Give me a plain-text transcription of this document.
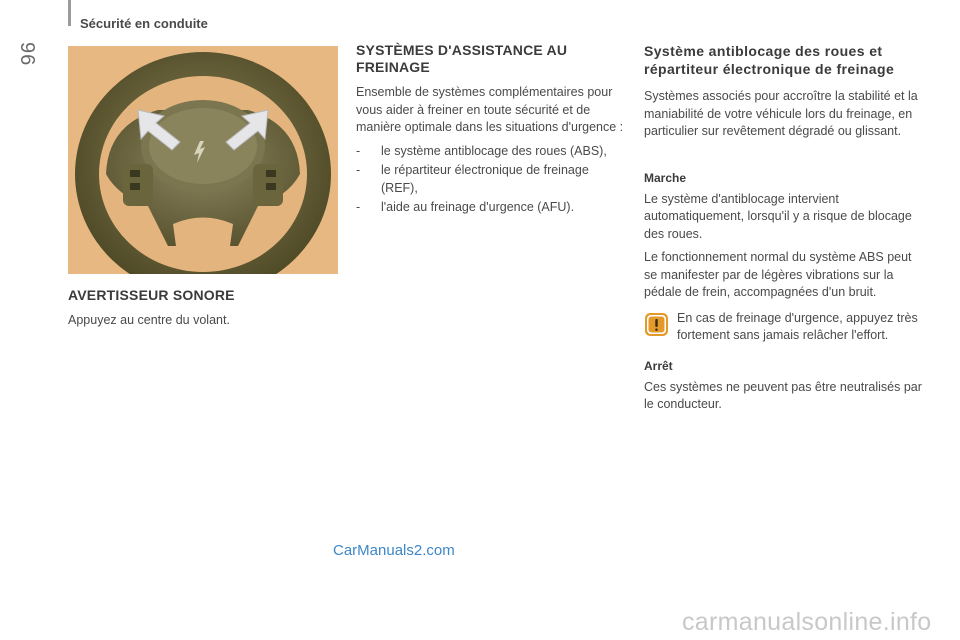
Sécurité en conduite
96
AVERTISSEUR SONORE

Appuyez au centre du volant.

SYSTÈMES D'ASSISTANCE AU
FREINAGE

Ensemble de systèmes complémentaires pour vous aider à freiner en toute sécurité et de manière optimale dans les situations d'urgence :

- le système antiblocage des roues (ABS),
- le répartiteur électronique de freinage (REF),
- l'aide au freinage d'urgence (AFU).
Système antiblocage des roues et répartiteur électronique de freinage

Systèmes associés pour accroître la stabilité et la maniabilité de votre véhicule lors du freinage, en particulier sur revêtement dégradé ou glissant.

Marche

Le système d'antiblocage intervient automatiquement, lorsqu'il y a risque de blocage des roues.

Le fonctionnement normal du système ABS peut se manifester par de légères vibrations sur la pédale de frein, accompagnées d'un bruit.

En cas de freinage d'urgence, appuyez très fortement sans jamais relâcher l'effort.

Arrêt

Ces systèmes ne peuvent pas être neutralisés par le conducteur.

CarManuals2.com
carmanualsonline.info
